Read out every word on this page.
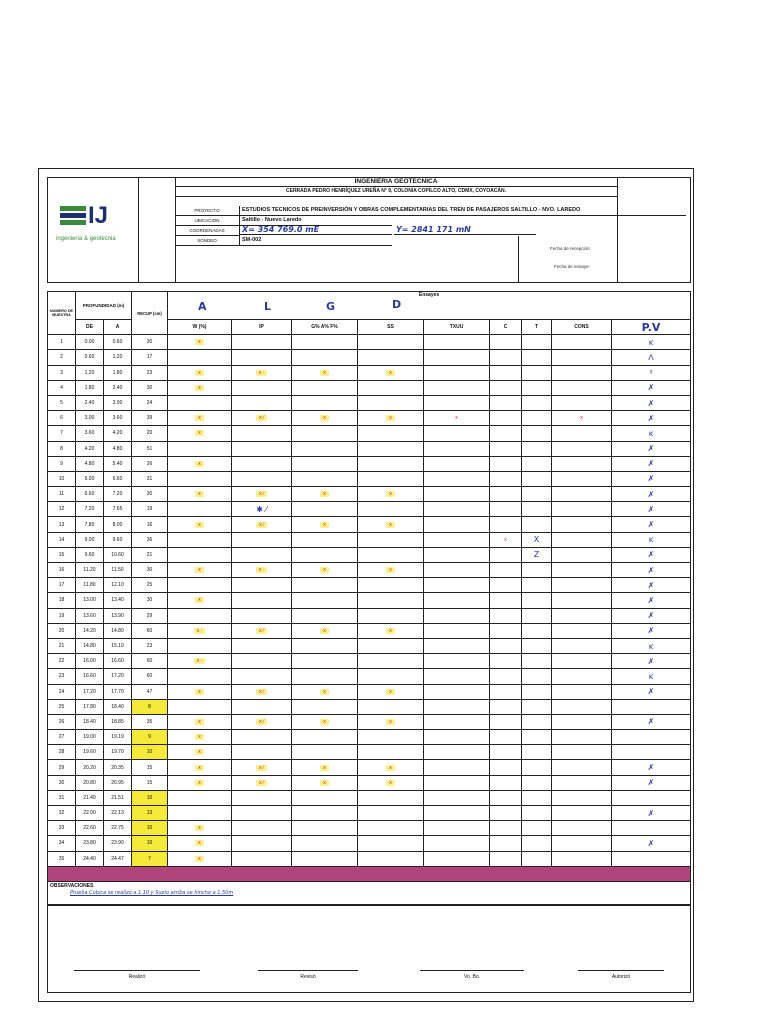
IJ
ingeniería & geotecnia
INGENIERIA GEOTECNICA
CERRADA PEDRO HENRÍQUEZ UREÑA N° 9, COLONIA COPILCO ALTO, CDMX, COYOACÁN.
PROYECTO	ESTUDIOS TECNICOS DE PREINVERSIÓN Y OBRAS COMPLEMENTARIAS DEL TREN DE PASAJEROS SALTILLO - NVO. LAREDO
UBICACIÓN	Saltillo - Nuevo Laredo
COORDENADAS	X= 354 769.0 mE	Y= 2841 171 mN
SONDEO	SM-002
Fecha de recepción:
Fecha de ensaye:
NUMERO DE MUESTRA	PROFUNDIDAD (m)		RECUP (cm)	Ensayes
A L G D								

	DE	A		W (%)	IP	G% A% F%	SS	TXUU	C	T	CONS	P.V
1	0.00	0.60	30	x								ᴋ
2	0.60	1.20	17									ᐱ
3	1.20	1.80	23	x	x ·	x	x					ᵡ
4	1.80	2.40	30	x								✗
5	2.40	3.00	24									✗
6	3.00	3.60	39	x	x ⁄	x	x	x			x	✗
7	3.60	4.20	20	x								ᴋ
8	4.20	4.80	51									✗
9	4.80	5.40	26	x								✗
10	6.00	6.60	31									✗
11	6.60	7.20	30	x	x ⁄	x	x					✗
12	7.20	7.65	19		✱ ⁄							✗
13	7.80	8.00	16	x	x ⁄	x	x					✗
14	9.00	9.60	36						x	X		ᴋ
15	9.60	10.60	21							Z		✗
16	11.20	11.50	30	x	x ·	x	x					✗
17	11.80	12.10	25									✗
18	13.00	13.40	30	x								✗
19	13.60	13.90	29									✗
20	14.20	14.80	60	x ·	x ⁄	x	x					✗
21	14.80	15.10	23									ᴋ
22	16.00	16.60	60	x ·								✗
23	16.60	17.20	60									ᴋ
24	17.20	17.70	47	x	x ⁄	x	x					✗
25	17.80	18.40	8									
26	18.40	18.85	35	x	x ⁄	x	x					✗
27	19.00	19.19	9	x								
28	19.60	19.70	10	x								
29	20.20	20.35	15	x	x ⁄	x	x					✗
30	20.80	20.95	15	x	x ⁄	x	x					✗
31	21.40	21.51	10									
32	22.00	22.13	13									✗
33	22.60	22.75	10	x								
34	23.80	23.90	10	x								✗
35	24.40	24.47	7	x								

OBSERVACIONES
Prueba Cubica se realizo a 1.10 y Suelo arriba se hincho a 1.50m
Realizó	Revisó	Vo. Bo.	Autorizó
